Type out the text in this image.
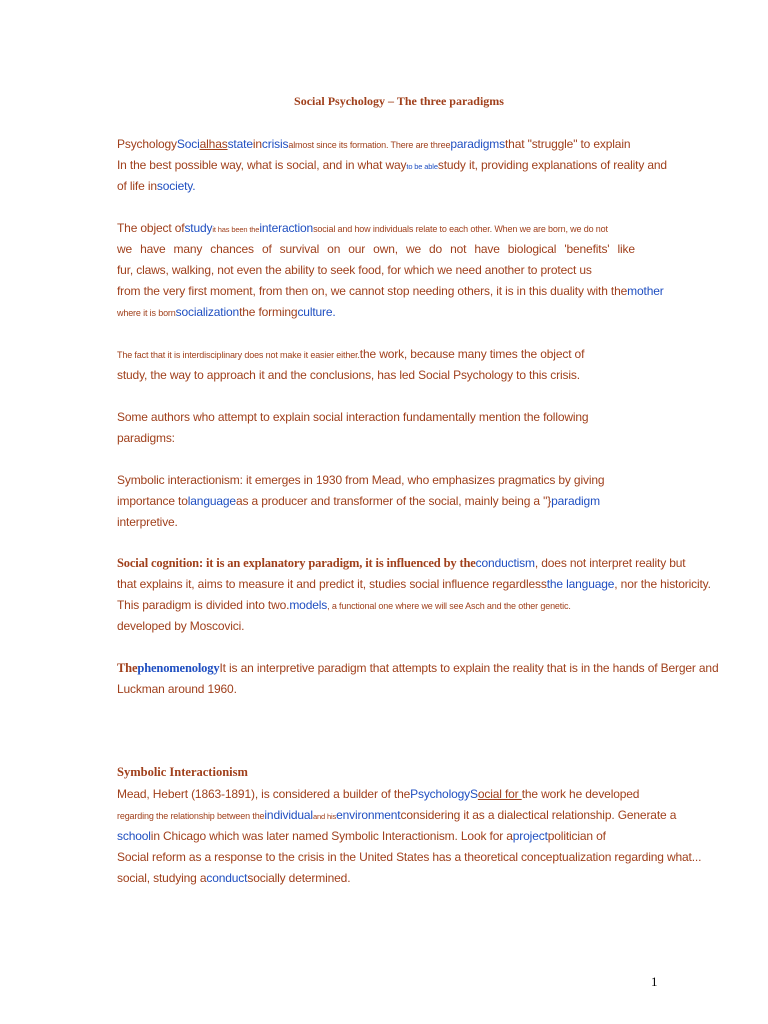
Social Psychology – The three paradigms
PsychologySocialhasstateincrisisalmost since its formation. There are threeparadigmsthat "struggle" to explain
In the best possible way, what is social, and in what wayto be ablestudy it, providing explanations of reality and
of life insociety.
The object ofstudyit has been theinteractionsocial and how individuals relate to each other. When we are born, we do not
we have many chances of survival on our own, we do not have biological 'benefits' like
fur, claws, walking, not even the ability to seek food, for which we need another to protect us
from the very first moment, from then on, we cannot stop needing others, it is in this duality with themother
where it is bornsocializationthe formingculture.
The fact that it is interdisciplinary does not make it easier either.the work, because many times the object of
study, the way to approach it and the conclusions, has led Social Psychology to this crisis.
Some authors who attempt to explain social interaction fundamentally mention the following
paradigms:
Symbolic interactionism: it emerges in 1930 from Mead, who emphasizes pragmatics by giving
importance tolanguageas a producer and transformer of the social, mainly being a "}paradigm
interpretive.
Social cognition: it is an explanatory paradigm, it is influenced by theconductism, does not interpret reality but
that explains it, aims to measure it and predict it, studies social influence regardlessthe language, nor the historicity.
This paradigm is divided into two.models, a functional one where we will see Asch and the other genetic.
developed by Moscovici.
ThephenomenologyIt is an interpretive paradigm that attempts to explain the reality that is in the hands of Berger and
Luckman around 1960.
Symbolic Interactionism
Mead, Hebert (1863-1891), is considered a builder of thePsychologySocial for the work he developed
regarding the relationship between theindividualand hisenvironmentconsidering it as a dialectical relationship. Generate a
schoolin Chicago which was later named Symbolic Interactionism. Look for aprojectpolitician of
Social reform as a response to the crisis in the United States has a theoretical conceptualization regarding what...
social, studying aconductsocially determined.
1
